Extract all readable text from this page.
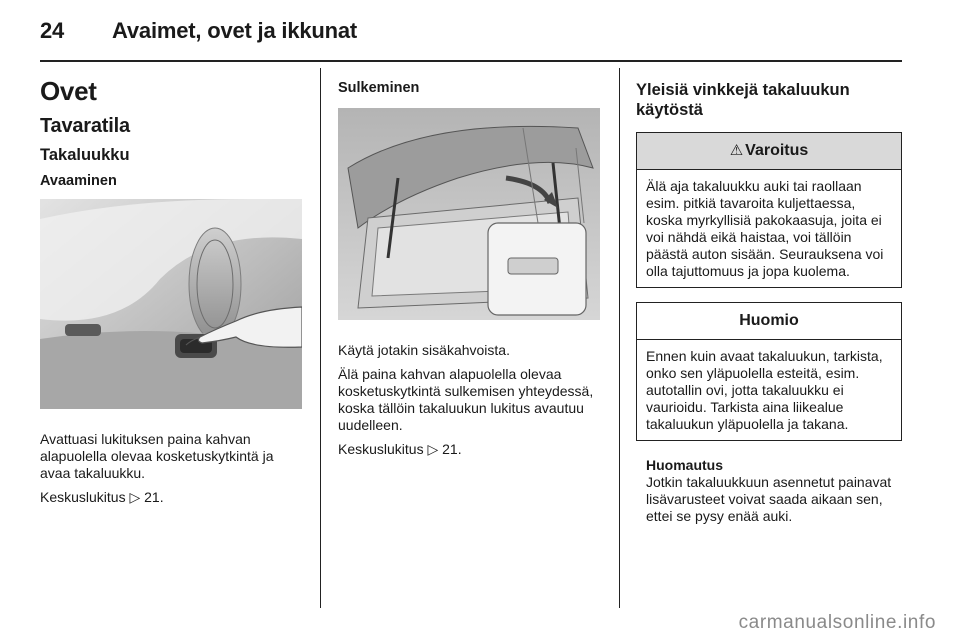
24 Avaimet, ovet ja ikkunat
Ovet
Tavaratila
Takaluukku
Avaaminen

Avattuasi lukituksen paina kahvan alapuolella olevaa kosketuskytkintä ja avaa takaluukku.

Keskuslukitus ▷ 21.

Sulkeminen

Käytä jotakin sisäkahvoista.

Älä paina kahvan alapuolella olevaa kosketuskytkintä sulkemisen yhteydessä, koska tällöin takaluukun lukitus avautuu uudelleen.

Keskuslukitus ▷ 21.

Yleisiä vinkkejä takaluukun käytöstä
⚠ Varoitus
Älä aja takaluukku auki tai raollaan esim. pitkiä tavaroita kuljettaessa, koska myrkyllisiä pakokaasuja, joita ei voi nähdä eikä haistaa, voi tällöin päästä auton sisään. Seurauksena voi olla tajuttomuus ja jopa kuolema.
Huomio
Ennen kuin avaat takaluukun, tarkista, onko sen yläpuolella esteitä, esim. autotallin ovi, jotta takaluukku ei vaurioidu. Tarkista aina liikealue takaluukun yläpuolella ja takana.
Huomautus
Jotkin takaluukkuun asennetut painavat lisävarusteet voivat saada aikaan sen, ettei se pysy enää auki.
carmanualsonline.info
